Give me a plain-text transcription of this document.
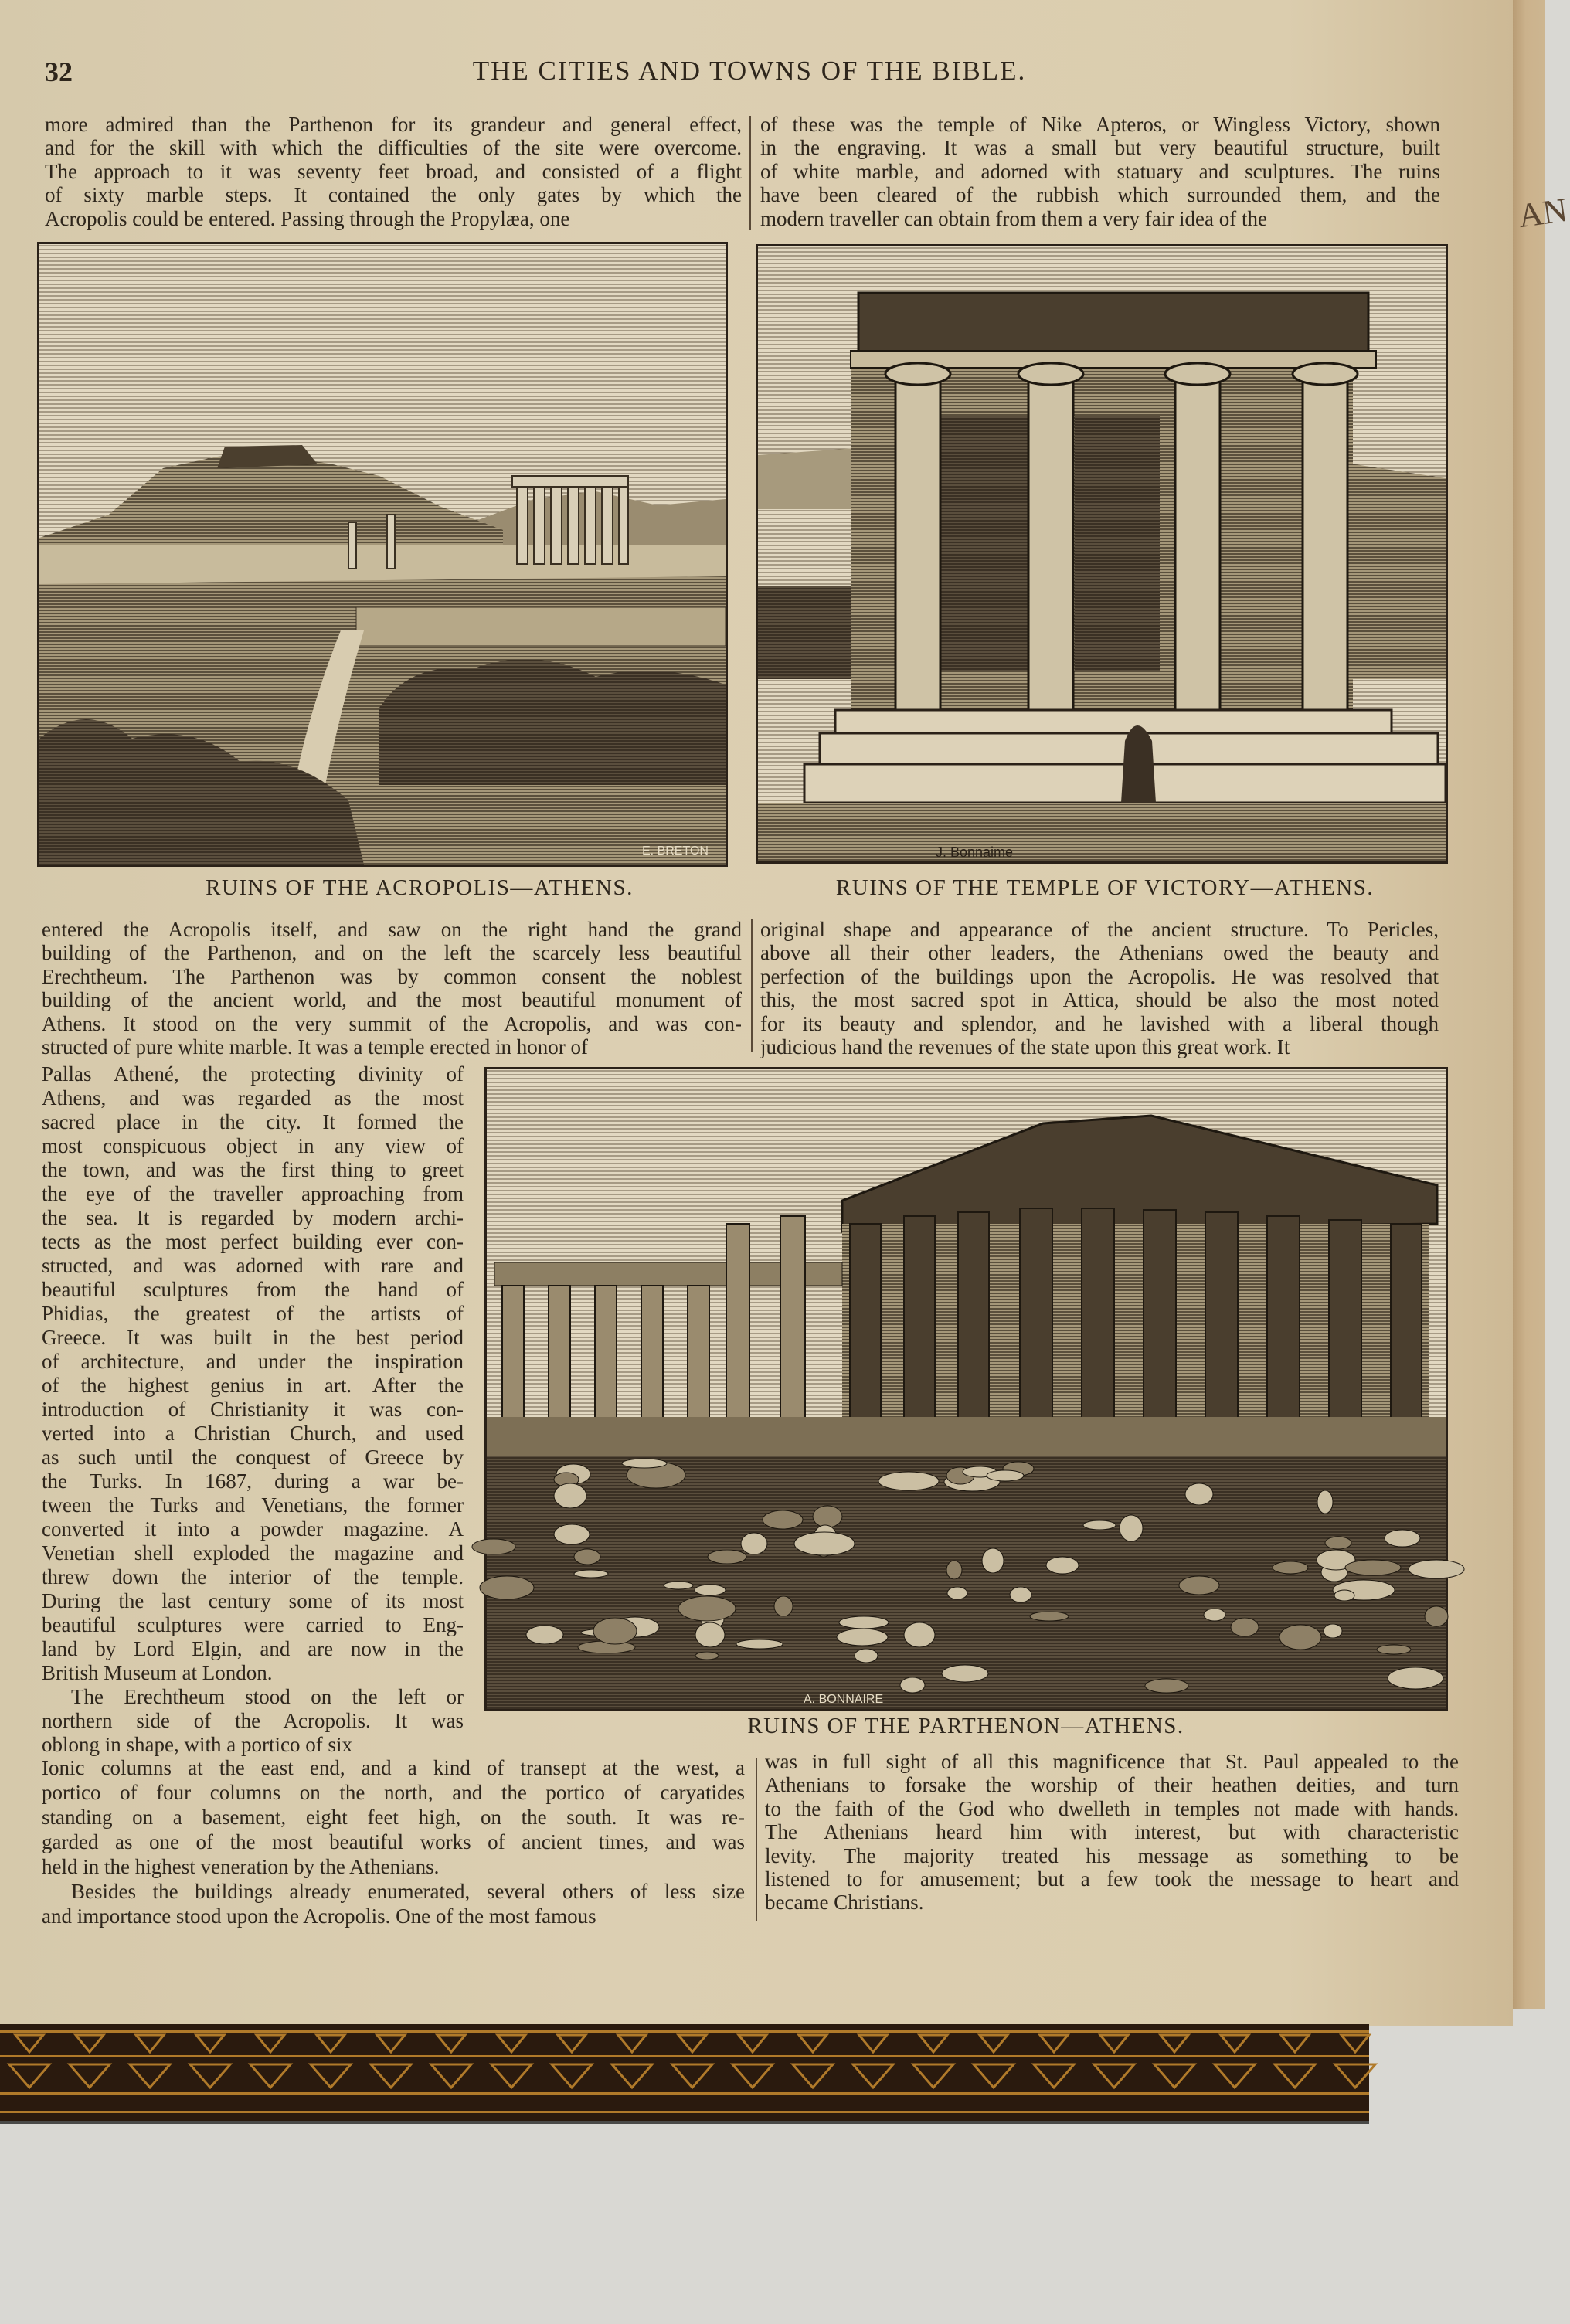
32	THE CITIES AND TOWNS OF THE BIBLE.
more admired than the Parthenon for its grandeur and general effect,
and for the skill with which the difficulties of the site were overcome.
The approach to it was seventy feet broad, and consisted of a flight
of sixty marble steps. It contained the only gates by which the
Acropolis could be entered. Passing through the Propylæa, one
of these was the temple of Nike Apteros, or Wingless Victory, shown
in the engraving. It was a small but very beautiful structure, built
of white marble, and adorned with statuary and sculptures. The ruins
have been cleared of the rubbish which surrounded them, and the
modern traveller can obtain from them a very fair idea of the
E. BRETON
RUINS OF THE ACROPOLIS—ATHENS.
J. Bonnaime
RUINS OF THE TEMPLE OF VICTORY—ATHENS.
entered the Acropolis itself, and saw on the right hand the grand
building of the Parthenon, and on the left the scarcely less beautiful
Erechtheum. The Parthenon was by common consent the noblest
building of the ancient world, and the most beautiful monument of
Athens. It stood on the very summit of the Acropolis, and was con-
structed of pure white marble. It was a temple erected in honor of
original shape and appearance of the ancient structure. To Pericles,
above all their other leaders, the Athenians owed the beauty and
perfection of the buildings upon the Acropolis. He was resolved that
this, the most sacred spot in Attica, should be also the most noted
for its beauty and splendor, and he lavished with a liberal though
judicious hand the revenues of the state upon this great work. It
Pallas Athené, the protecting divinity of
Athens, and was regarded as the most
sacred place in the city. It formed the
most conspicuous object in any view of
the town, and was the first thing to greet
the eye of the traveller approaching from
the sea. It is regarded by modern archi-
tects as the most perfect building ever con-
structed, and was adorned with rare and
beautiful sculptures from the hand of
Phidias, the greatest of the artists of
Greece. It was built in the best period
of architecture, and under the inspiration
of the highest genius in art. After the
introduction of Christianity it was con-
verted into a Christian Church, and used
as such until the conquest of Greece by
the Turks. In 1687, during a war be-
tween the Turks and Venetians, the former
converted it into a powder magazine. A
Venetian shell exploded the magazine and
threw down the interior of the temple.
During the last century some of its most
beautiful sculptures were carried to Eng-
land by Lord Elgin, and are now in the
British Museum at London.
The Erechtheum stood on the left or
northern side of the Acropolis. It was
oblong in shape, with a portico of six
A. BONNAIRE
RUINS OF THE PARTHENON—ATHENS.
Ionic columns at the east end, and a kind of transept at the west, a
portico of four columns on the north, and the portico of caryatides
standing on a basement, eight feet high, on the south. It was re-
garded as one of the most beautiful works of ancient times, and was
held in the highest veneration by the Athenians.
Besides the buildings already enumerated, several others of less size
and importance stood upon the Acropolis. One of the most famous
was in full sight of all this magnificence that St. Paul appealed to the
Athenians to forsake the worship of their heathen deities, and turn
to the faith of the God who dwelleth in temples not made with hands.
The Athenians heard him with interest, but with characteristic
levity. The majority treated his message as something to be
listened to for amusement; but a few took the message to heart and
became Christians.
AN
